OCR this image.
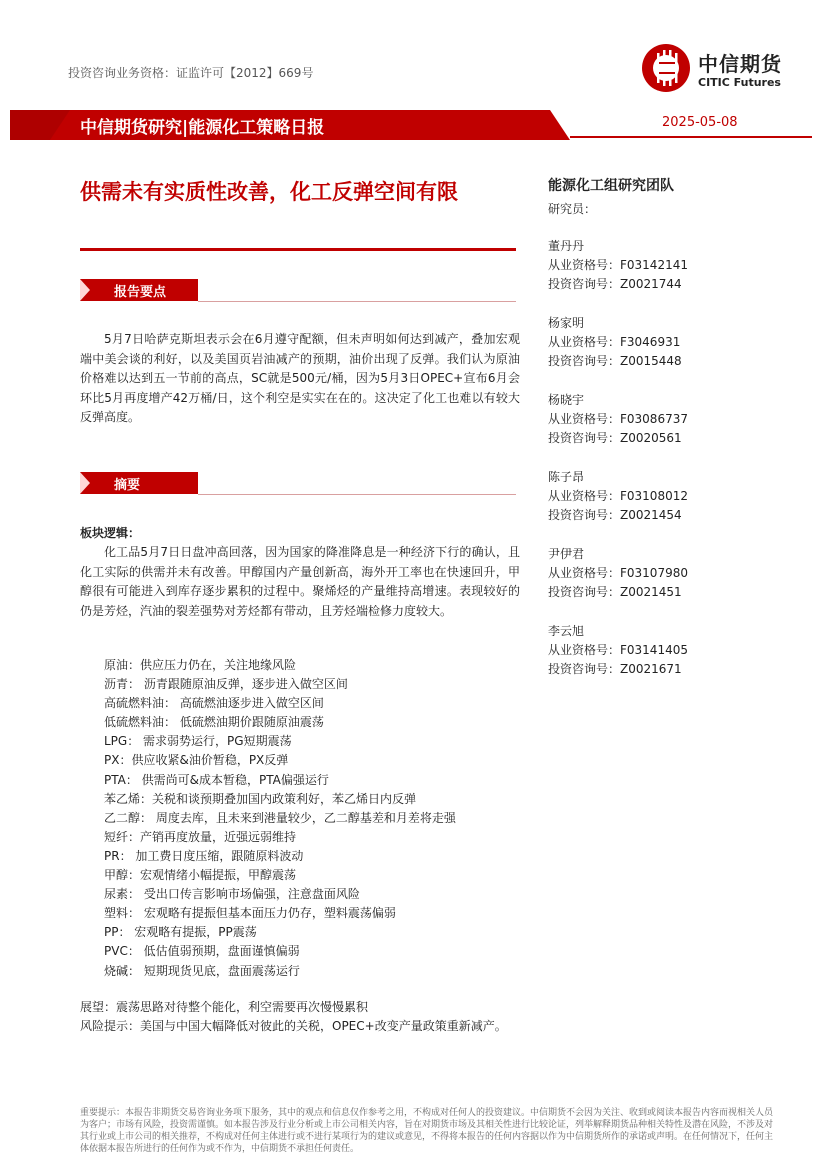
投资咨询业务资格：证监许可【2012】669号	中信期货
CITIC Futures
中信期货研究|能源化工策略日报	2025-05-08
供需未有实质性改善，化工反弹空间有限
报告要点
5月7日哈萨克斯坦表示会在6月遵守配额，但未声明如何达到减产，叠加宏观端中美会谈的利好，以及美国页岩油减产的预期，油价出现了反弹。我们认为原油价格难以达到五一节前的高点，SC就是500元/桶，因为5月3日OPEC+宣布6月会环比5月再度增产42万桶/日，这个利空是实实在在的。这决定了化工也难以有较大反弹高度。
摘要
板块逻辑：
化工品5月7日日盘冲高回落，因为国家的降准降息是一种经济下行的确认，且化工实际的供需并未有改善。甲醇国内产量创新高，海外开工率也在快速回升，甲醇很有可能进入到库存逐步累积的过程中。聚烯烃的产量维持高增速。表现较好的仍是芳烃，汽油的裂差强势对芳烃都有带动，且芳烃端检修力度较大。
原油：供应压力仍在，关注地缘风险
沥青： 沥青跟随原油反弹，逐步进入做空区间
高硫燃料油： 高硫燃油逐步进入做空区间
低硫燃料油： 低硫燃油期价跟随原油震荡
LPG： 需求弱势运行，PG短期震荡
PX：供应收紧&油价暂稳，PX反弹
PTA： 供需尚可&成本暂稳，PTA偏强运行
苯乙烯：关税和谈预期叠加国内政策利好，苯乙烯日内反弹
乙二醇： 周度去库，且未来到港量较少，乙二醇基差和月差将走强
短纤：产销再度放量，近强远弱维持
PR： 加工费日度压缩，跟随原料波动
甲醇：宏观情绪小幅提振，甲醇震荡
尿素： 受出口传言影响市场偏强，注意盘面风险
塑料： 宏观略有提振但基本面压力仍存，塑料震荡偏弱
PP： 宏观略有提振，PP震荡
PVC： 低估值弱预期，盘面谨慎偏弱
烧碱： 短期现货见底，盘面震荡运行
展望：震荡思路对待整个能化，利空需要再次慢慢累积
风险提示：美国与中国大幅降低对彼此的关税，OPEC+改变产量政策重新减产。
能源化工组研究团队
研究员：
董丹丹
从业资格号：F03142141
投资咨询号：Z0021744
杨家明
从业资格号：F3046931
投资咨询号：Z0015448
杨晓宇
从业资格号：F03086737
投资咨询号：Z0020561
陈子昂
从业资格号：F03108012
投资咨询号：Z0021454
尹伊君
从业资格号：F03107980
投资咨询号：Z0021451
李云旭
从业资格号：F03141405
投资咨询号：Z0021671
重要提示：本报告非期货交易咨询业务项下服务，其中的观点和信息仅作参考之用，不构成对任何人的投资建议。中信期货不会因为关注、收到或阅读本报告内容而视相关人员为客户；市场有风险，投资需谨慎。如本报告涉及行业分析或上市公司相关内容，旨在对期货市场及其相关性进行比较论证，列举解释期货品种相关特性及潜在风险，不涉及对其行业或上市公司的相关推荐，不构成对任何主体进行或不进行某项行为的建议或意见，不得将本报告的任何内容据以作为中信期货所作的承诺或声明。在任何情况下，任何主体依据本报告所进行的任何作为或不作为，中信期货不承担任何责任。
